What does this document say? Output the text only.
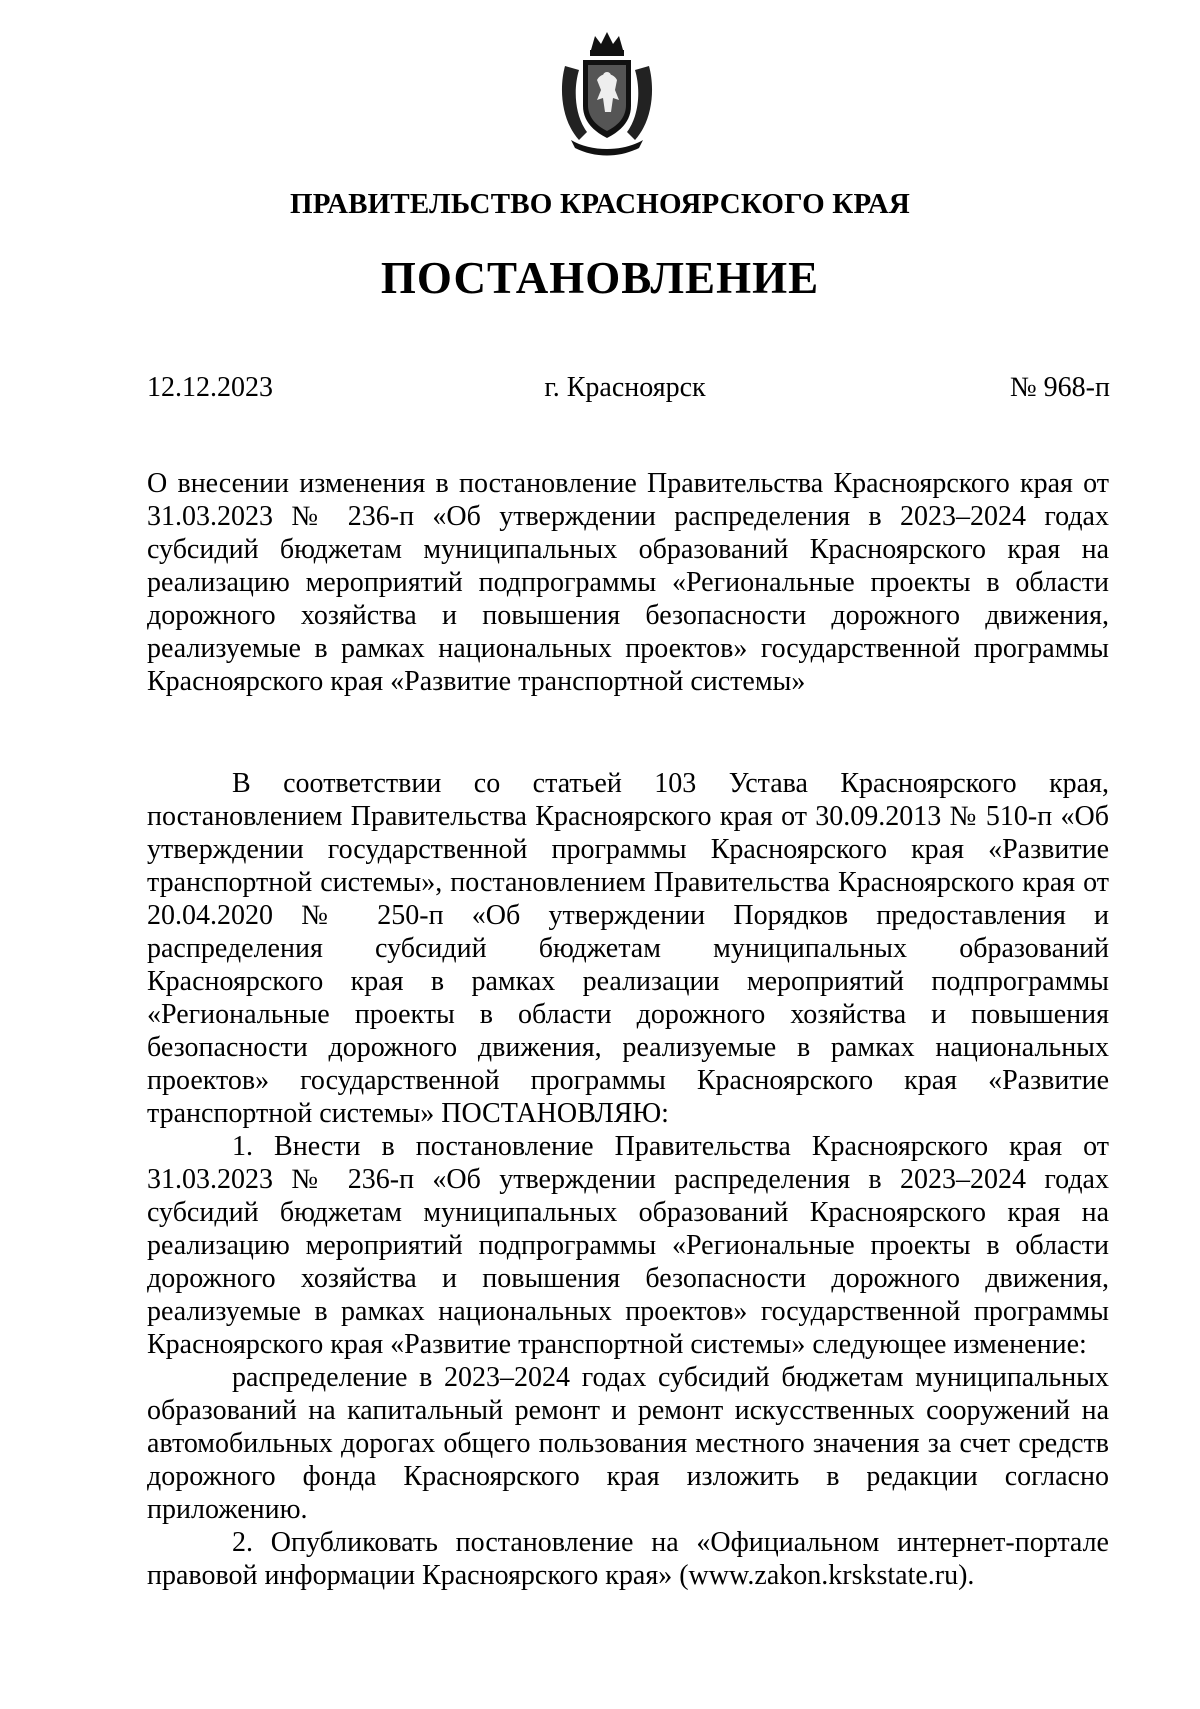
ПРАВИТЕЛЬСТВО КРАСНОЯРСКОГО КРАЯ
ПОСТАНОВЛЕНИЕ
12.12.2023	г. Красноярск	№ 968-п

О внесении изменения в постановление Правительства Красноярского края от 31.03.2023 № 236-п «Об утверждении распределения в 2023–2024 годах субсидий бюджетам муниципальных образований Красноярского края на реализацию мероприятий подпрограммы «Региональные проекты в области дорожного хозяйства и повышения безопасности дорожного движения, реализуемые в рамках национальных проектов» государственной программы Красноярского края «Развитие транспортной системы»

В соответствии со статьей 103 Устава Красноярского края, постановлением Правительства Красноярского края от 30.09.2013 № 510-п «Об утверждении государственной программы Красноярского края «Развитие транспортной системы», постановлением Правительства Красноярского края от 20.04.2020 № 250-п «Об утверждении Порядков предоставления и распределения субсидий бюджетам муниципальных образований Красноярского края в рамках реализации мероприятий подпрограммы «Региональные проекты в области дорожного хозяйства и повышения безопасности дорожного движения, реализуемые в рамках национальных проектов» государственной программы Красноярского края «Развитие транспортной системы» ПОСТАНОВЛЯЮ:

1. Внести в постановление Правительства Красноярского края от 31.03.2023 № 236-п «Об утверждении распределения в 2023–2024 годах субсидий бюджетам муниципальных образований Красноярского края на реализацию мероприятий подпрограммы «Региональные проекты в области дорожного хозяйства и повышения безопасности дорожного движения, реализуемые в рамках национальных проектов» государственной программы Красноярского края «Развитие транспортной системы» следующее изменение:

распределение в 2023–2024 годах субсидий бюджетам муниципальных образований на капитальный ремонт и ремонт искусственных сооружений на автомобильных дорогах общего пользования местного значения за счет средств дорожного фонда Красноярского края изложить в редакции согласно приложению.

2. Опубликовать постановление на «Официальном интернет-портале правовой информации Красноярского края» (www.zakon.krskstate.ru).
